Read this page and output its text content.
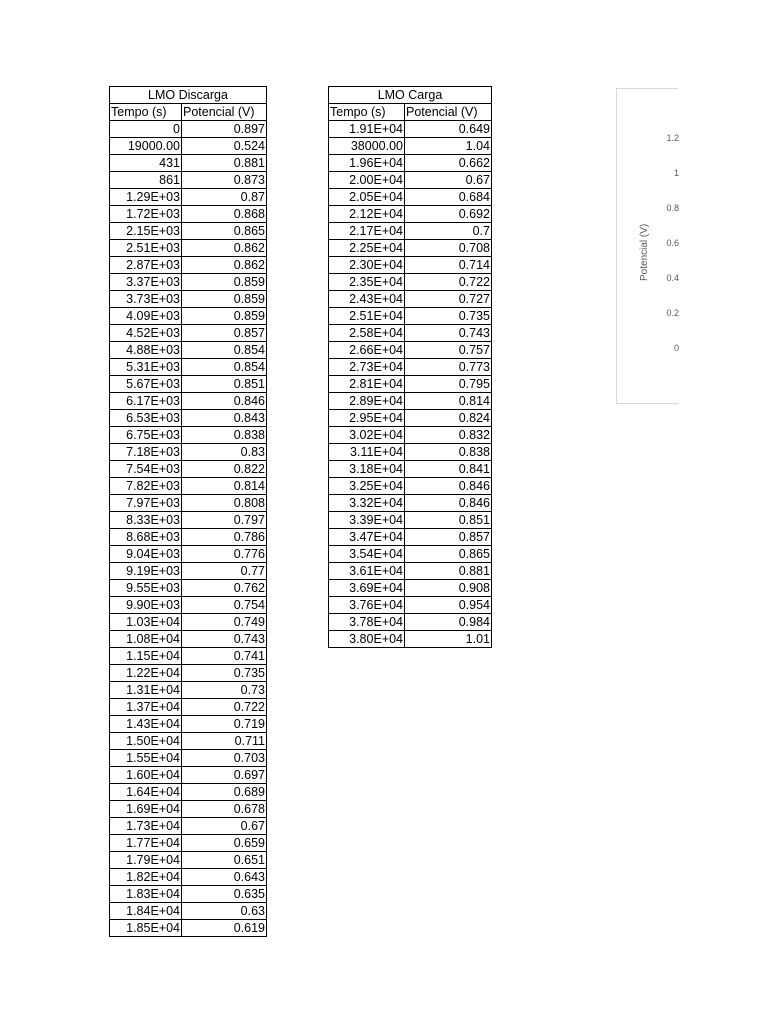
LMO Discarga	
Tempo (s)	Potencial (V)
0	0.897
19000.00	0.524
431	0.881
861	0.873
1.29E+03	0.87
1.72E+03	0.868
2.15E+03	0.865
2.51E+03	0.862
2.87E+03	0.862
3.37E+03	0.859
3.73E+03	0.859
4.09E+03	0.859
4.52E+03	0.857
4.88E+03	0.854
5.31E+03	0.854
5.67E+03	0.851
6.17E+03	0.846
6.53E+03	0.843
6.75E+03	0.838
7.18E+03	0.83
7.54E+03	0.822
7.82E+03	0.814
7.97E+03	0.808
8.33E+03	0.797
8.68E+03	0.786
9.04E+03	0.776
9.19E+03	0.77
9.55E+03	0.762
9.90E+03	0.754
1.03E+04	0.749
1.08E+04	0.743
1.15E+04	0.741
1.22E+04	0.735
1.31E+04	0.73
1.37E+04	0.722
1.43E+04	0.719
1.50E+04	0.711
1.55E+04	0.703
1.60E+04	0.697
1.64E+04	0.689
1.69E+04	0.678
1.73E+04	0.67
1.77E+04	0.659
1.79E+04	0.651
1.82E+04	0.643
1.83E+04	0.635
1.84E+04	0.63
1.85E+04	0.619
LMO Carga	
Tempo (s)	Potencial (V)
1.91E+04	0.649
38000.00	1.04
1.96E+04	0.662
2.00E+04	0.67
2.05E+04	0.684
2.12E+04	0.692
2.17E+04	0.7
2.25E+04	0.708
2.30E+04	0.714
2.35E+04	0.722
2.43E+04	0.727
2.51E+04	0.735
2.58E+04	0.743
2.66E+04	0.757
2.73E+04	0.773
2.81E+04	0.795
2.89E+04	0.814
2.95E+04	0.824
3.02E+04	0.832
3.11E+04	0.838
3.18E+04	0.841
3.25E+04	0.846
3.32E+04	0.846
3.39E+04	0.851
3.47E+04	0.857
3.54E+04	0.865
3.61E+04	0.881
3.69E+04	0.908
3.76E+04	0.954
3.78E+04	0.984
3.80E+04	1.01
1.2
1
0.8
0.6
0.4
0.2
0
Potencial (V)
